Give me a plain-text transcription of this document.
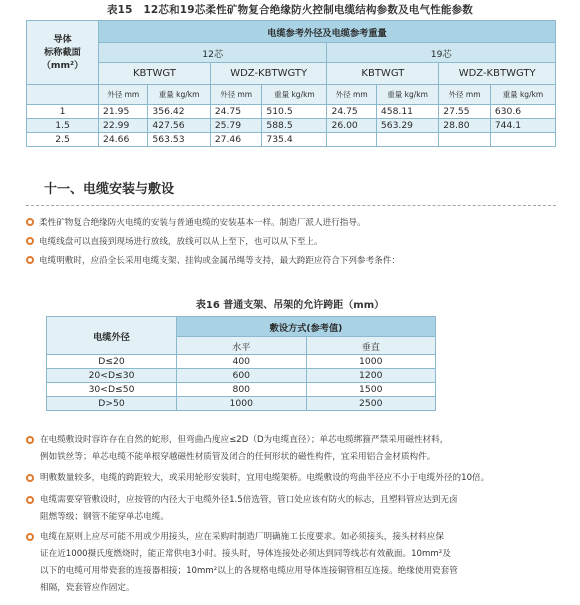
表15　12芯和19芯柔性矿物复合绝缘防火控制电缆结构参数及电气性能参数
导体
标称截面
（mm²）	电缆参考外径及电缆参考重量							
	12芯				19芯			
	KBTWGT		WDZ-KBTWGTY		KBTWGT		WDZ-KBTWGTY	
	外径 mm	重量 kg/km	外径 mm	重量 kg/km	外径 mm	重量 kg/km	外径 mm	重量 kg/km
1	21.95	356.42	24.75	510.5	24.75	458.11	27.55	630.6
1.5	22.99	427.56	25.79	588.5	26.00	563.29	28.80	744.1
2.5	24.66	563.53	27.46	735.4				
十一、电缆安装与敷设
柔性矿物复合绝缘防火电缆的安装与普通电缆的安装基本一样。制造厂派人进行指导。
电缆线盘可以直接到现场进行放线，放线可以从上至下，也可以从下至上。
电缆明敷时，应沿全长采用电缆支架、挂钩或金属吊绳等支持，最大跨距应符合下列参考条件：
表16 普通支架、吊架的允许跨距（mm）
电缆外径	敷设方式(参考值)	
	水平	垂直
D≤20	400	1000
20<D≤30	600	1200
30<D≤50	800	1500
D>50	1000	2500
在电缆敷设时容许存在自然的蛇形，但弯曲凸度应≤2D（D为电缆直径）；单芯电缆绑箍严禁采用磁性材料，
例如铁丝等；单芯电缆不能单根穿越磁性材质管及闭合的任何形状的磁性构件，宜采用铝合金材质构件。
明敷数量较多，电缆的跨距较大，或采用轮形安装时，宜用电缆架桥。电缆敷设的弯曲半径应不小于电缆外径的10倍。
电缆需要穿管敷设时，应按管的内径大于电缆外径1.5倍选管，管口处应该有防火的标志，且塑料管应达到无卤
阻燃等级；钢管不能穿单芯电缆。
电缆在原则上应尽可能不用或少用接头，应在采购时制造厂明确施工长度要求。如必须接头，接头材料应保
证在近1000摄氏度燃烧时，能正常供电3小时。接头时，导体连接处必须达到同等线芯有效截面。10mm²及
以下的电缆可用带瓷套的连接器相接；10mm²以上的各规格电缆应用导体连接铜管相互连接。绝缘使用瓷套管
相隔，瓷套管应作固定。
